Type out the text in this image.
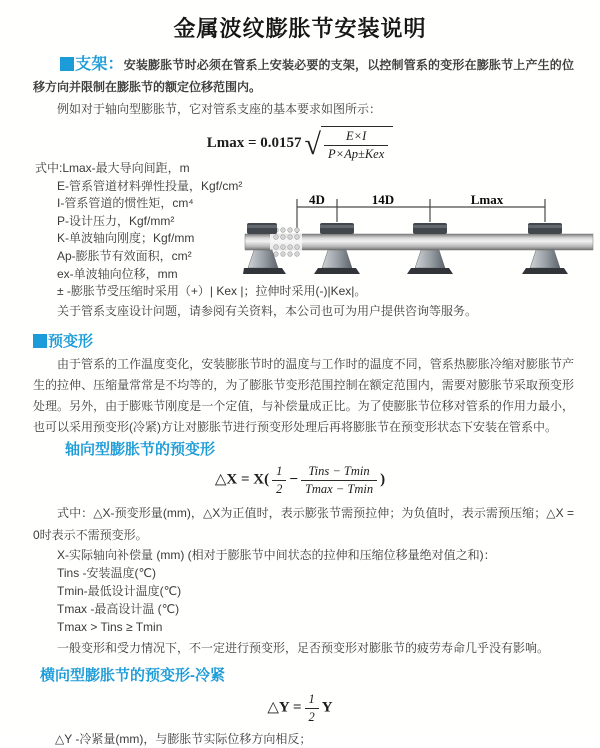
金属波纹膨胀节安装说明

支架：安装膨胀节时必须在管系上安装必要的支架，以控制管系的变形在膨胀节上产生的位移方向并限制在膨胀节的额定位移范围内。

例如对于轴向型膨胀节，它对管系支座的基本要求如图所示：

Lmax = 0.0157 √ $\frac{E\times I}{\text{P×Ap±Kex}}$
式中:Lmax-最大导向间距，m
E-管系管道材料弹性投量，Kgf/cm²
I-管系管道的惯性矩，cm⁴
P-设计压力，Kgf/mm²
K-单波轴向刚度；Kgf/mm
Ap-膨胀节有效面积，cm²
ex-单波轴向位移，mm
± -膨胀节受压缩时采用（+）| Kex |；拉伸时采用(-)|Kex|。
关于管系支座设计问题，请参阅有关资料，本公司也可为用户提供咨询等服务。
4D	14D	Lmax
预变形

由于管系的工作温度变化，安装膨胀节时的温度与工作时的温度不同，管系热膨胀冷缩对膨胀节产生的拉伸、压缩量常常是不均等的，为了膨胀节变形范围控制在额定范围内，需要对膨胀节采取预变形处理。另外，由于膨账节刚度是一个定值，与补偿量成正比。为了使膨胀节位移对管系的作用力最小，也可以采用预变形(冷紧)方让对膨胀节进行预变形处理后再将膨胀节在预变形状态下安装在管系中。

轴向型膨胀节的预变形
△X = $X( \frac{1}{2} - \frac{\text{Tins − Tmin}}{Tmax - Tmin}$ )

式中：△X-预变形量(mm)，△X为正值时，表示膨张节需预拉伸；为负值时，表示需预压缩；△X = 0时表示不需预变形。

X-实际轴向补偿量 (mm) (相对于膨胀节中间状态的拉伸和压缩位移量绝对值之和)：
Tins -安装温度(℃)
Tmin-最低设计温度(℃)
Tmax -最高设计温 (℃)
Tmax > Tins ≥ Tmin

一般变形和受力情况下，不一定进行预变形，足否预变形对膨胀节的疲劳寿命几乎没有影响。

横向型膨胀节的预变形-冷紧
△Y = $\frac{1}{2}$ Y
△Y -冷紧量(mm)，与膨胀节实际位移方向相反；
